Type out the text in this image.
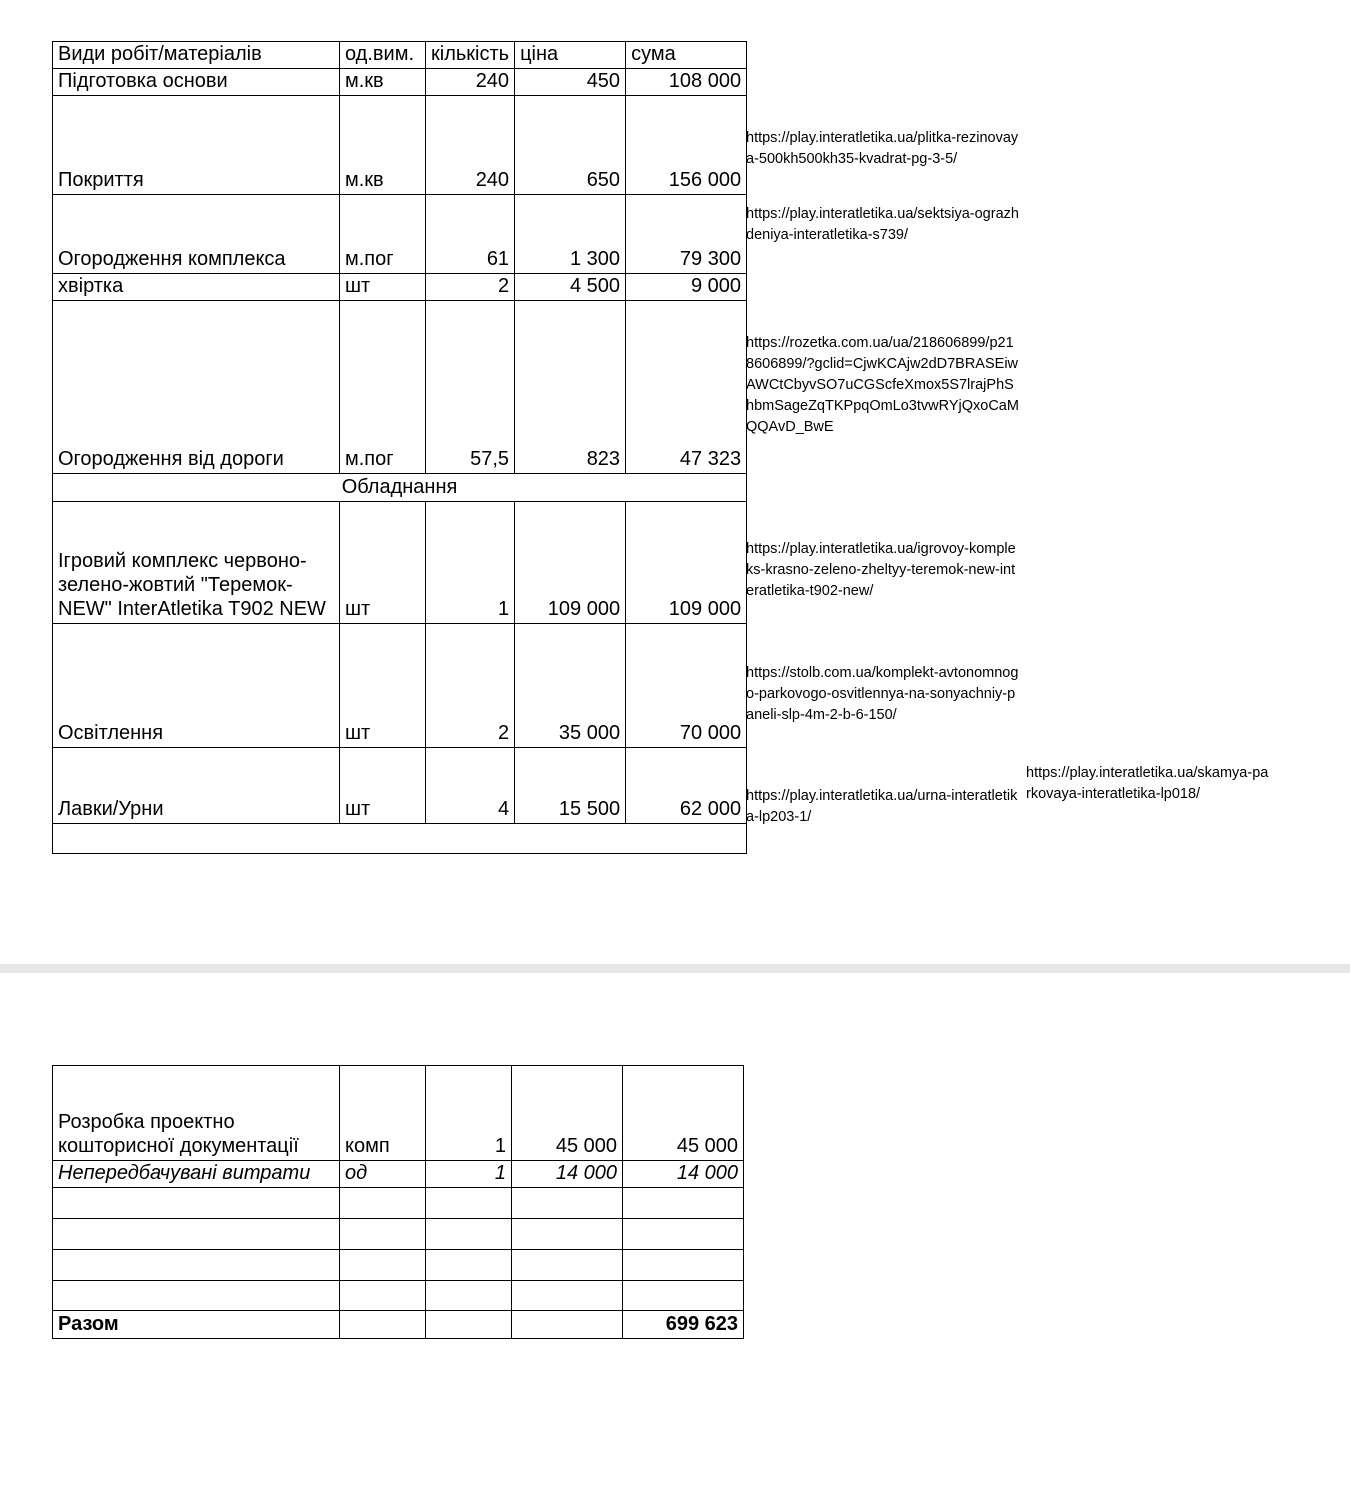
Види робіт/матеріалів	од.вим.	кількість	ціна	сума
Підготовка основи	м.кв	240	450	108 000
Покриття	м.кв	240	650	156 000
Огородження комплекса	м.пог	61	1 300	79 300
хвіртка	шт	2	4 500	9 000
Огородження від дороги	м.пог	57,5	823	47 323
Обладнання				
Ігровий комплекс червоно-зелено-жовтий "Теремок-NEW" InterAtletika T902 NEW	шт	1	109 000	109 000
Освітлення	шт	2	35 000	70 000
Лавки/Урни	шт	4	15 500	62 000

https://play.interatletika.ua/plitka-rezinovaya-500kh500kh35-kvadrat-pg-3-5/
https://play.interatletika.ua/sektsiya-ograzhdeniya-interatletika-s739/
https://rozetka.com.ua/ua/218606899/p218606899/?gclid=CjwKCAjw2dD7BRASEiwAWCtCbyvSO7uCGScfeXmox5S7lrajPhShbmSageZqTKPpqOmLo3tvwRYjQxoCaMQQAvD_BwE
https://play.interatletika.ua/igrovoy-kompleks-krasno-zeleno-zheltyy-teremok-new-interatletika-t902-new/
https://stolb.com.ua/komplekt-avtonomnogo-parkovogo-osvitlennya-na-sonyachniy-paneli-slp-4m-2-b-6-150/
https://play.interatletika.ua/urna-interatletika-lp203-1/
https://play.interatletika.ua/skamya-parkovaya-interatletika-lp018/
Розробка проектно кошторисної документації	комп	1	45 000	45 000
Непередбачувані витрати	од	1	14 000	14 000

Разом				699 623
